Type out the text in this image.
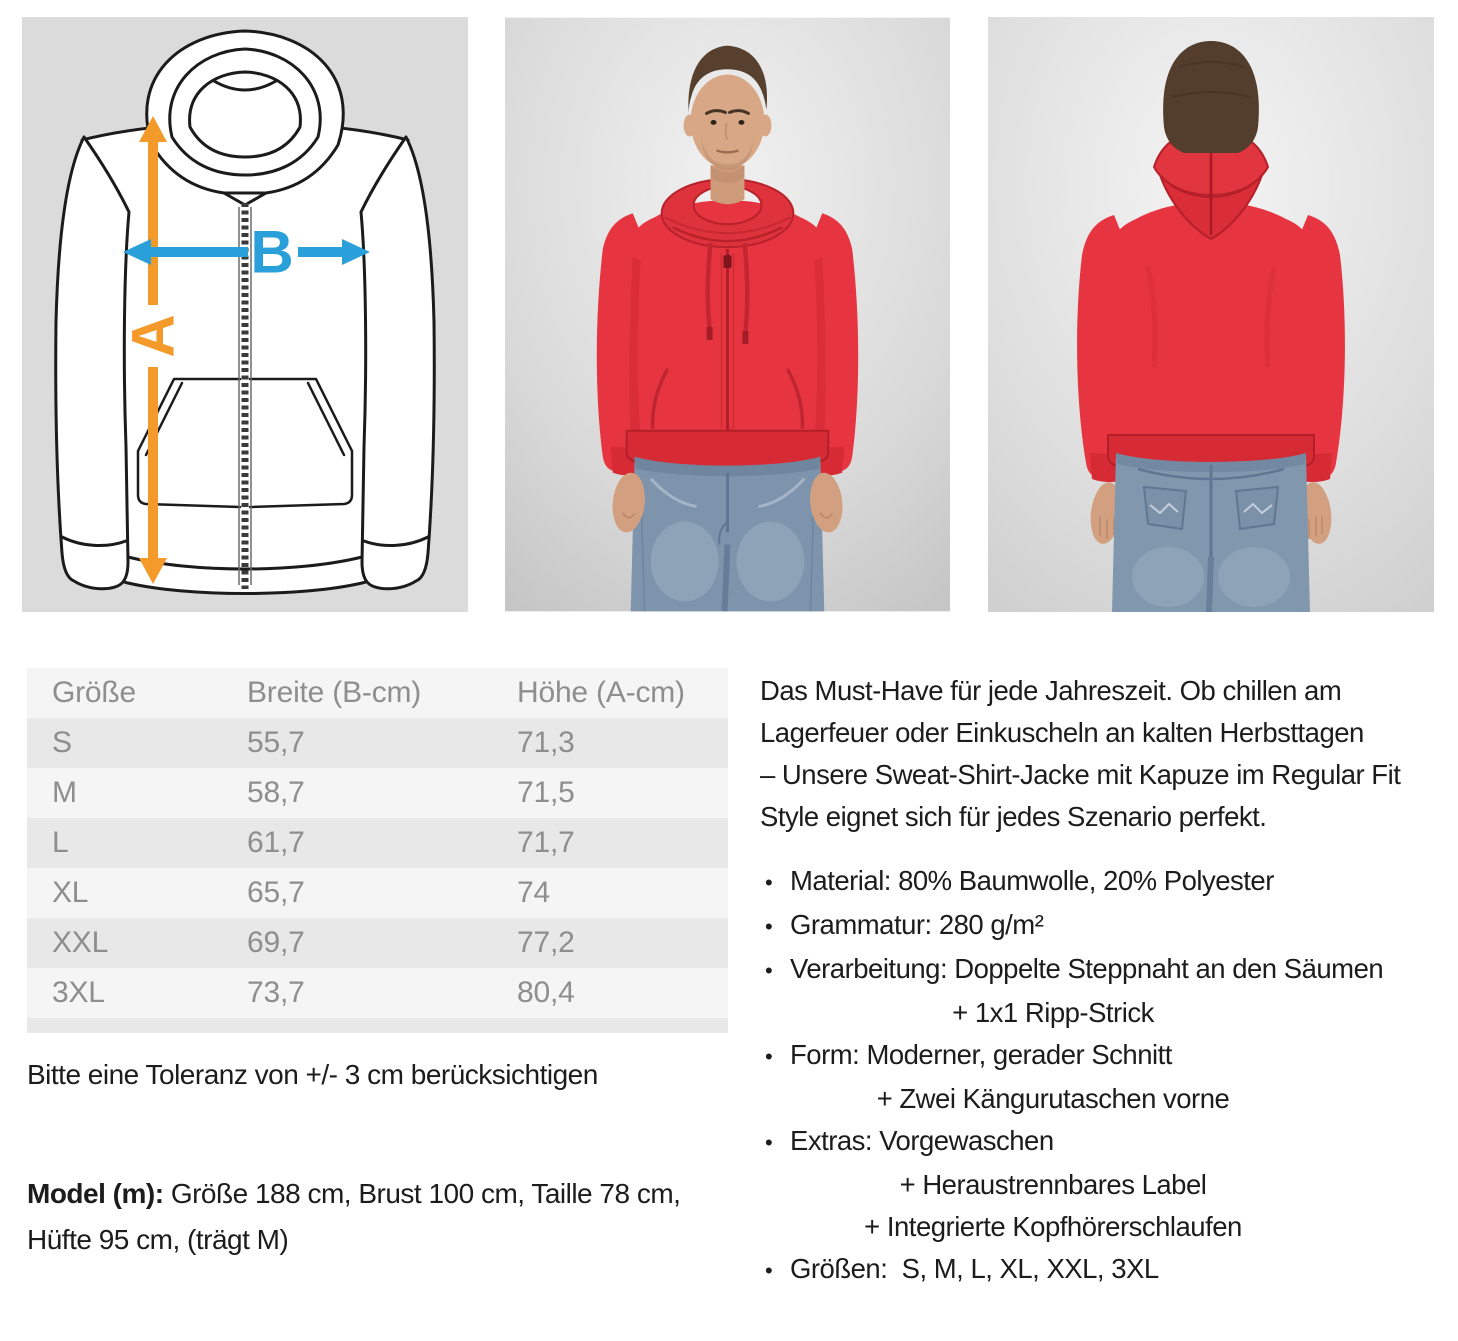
A
B
Größe	Breite (B-cm)	Höhe (A-cm)
S	55,7	71,3
M	58,7	71,5
L	61,7	71,7
XL	65,7	74
XXL	69,7	77,2
3XL	73,7	80,4
Bitte eine Toleranz von +/- 3 cm berücksichtigen
Model (m): Größe 188 cm, Brust 100 cm, Taille 78 cm,
Hüfte 95 cm, (trägt M)
Das Must-Have für jede Jahreszeit. Ob chillen am
Lagerfeuer oder Einkuscheln an kalten Herbsttagen
– Unsere Sweat-Shirt-Jacke mit Kapuze im Regular Fit
Style eignet sich für jedes Szenario perfekt.
• Material: 80% Baumwolle, 20% Polyester
• Grammatur: 280 g/m²
• Verarbeitung: Doppelte Steppnaht an den Säumen
+ 1x1 Ripp-Strick
• Form: Moderner, gerader Schnitt
+ Zwei Kängurutaschen vorne
• Extras: Vorgewaschen
+ Heraustrennbares Label
+ Integrierte Kopfhörerschlaufen
• Größen:  S, M, L, XL, XXL, 3XL
